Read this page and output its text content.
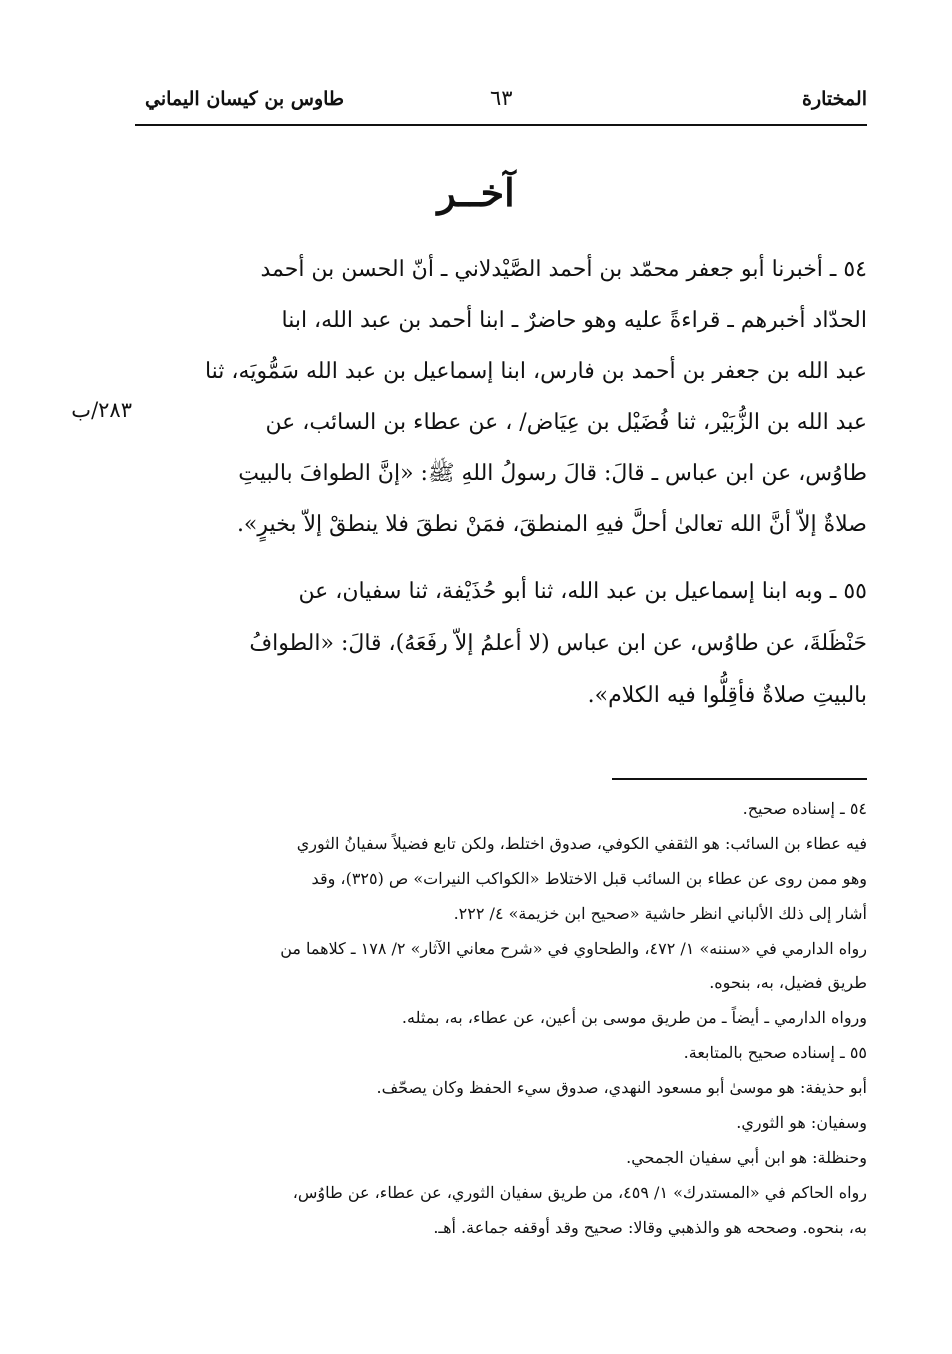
طاوس بن كيسان اليماني	٦٣	المختارة
آخــر
٢٨٣/ب
٥٤ ـ أخبرنا أبو جعفر محمّد بن أحمد الصَّيْدلاني ـ أنّ الحسن بن أحمد
الحدّاد أخبرهم ـ قراءةً عليه وهو حاضرٌ ـ ابنا أحمد بن عبد الله، ابنا
عبد الله بن جعفر بن أحمد بن فارس، ابنا إسماعيل بن عبد الله سَمُّويَه، ثنا
عبد الله بن الزُّبَيْر، ثنا فُضَيْل بن عِيَاض/ ، عن عطاء بن السائب، عن
طاوُس، عن ابن عباس ـ قالَ: قالَ رسولُ اللهِ ﷺ: «إنَّ الطوافَ بالبيتِ
صلاةٌ إلاّ أنَّ الله تعالىٰ أحلَّ فيهِ المنطقَ، فمَنْ نطقَ فلا ينطقْ إلاّ بخيرٍ».
٥٥ ـ وبه ابنا إسماعيل بن عبد الله، ثنا أبو حُذَيْفة، ثنا سفيان، عن
حَنْظَلةَ، عن طاوُس، عن ابن عباس (لا أعلمُ إلاّ رفَعَهُ)، قالَ: «الطوافُ
بالبيتِ صلاةٌ فأقِلُّوا فيه الكلام».
٥٤ ـ إسناده صحيح.
فيه عطاء بن السائب: هو الثقفي الكوفي، صدوق اختلط، ولكن تابع فضيلاً سفيانُ الثوري
وهو ممن روى عن عطاء بن السائب قبل الاختلاط «الكواكب النيرات» ص (٣٢٥)، وقد
أشار إلى ذلك الألباني انظر حاشية «صحيح ابن خزيمة» ٤/ ٢٢٢.
رواه الدارمي في «سننه» ١/ ٤٧٢، والطحاوي في «شرح معاني الآثار» ٢/ ١٧٨ ـ كلاهما من
طريق فضيل، به، بنحوه.
ورواه الدارمي ـ أيضاً ـ من طريق موسى بن أعين، عن عطاء، به، بمثله.
٥٥ ـ إسناده صحيح بالمتابعة.
أبو حذيفة: هو موسىٰ أبو مسعود النهدي، صدوق سيء الحفظ وكان يصحّف.
وسفيان: هو الثوري.
وحنظلة: هو ابن أبي سفيان الجمحي.
رواه الحاكم في «المستدرك» ١/ ٤٥٩، من طريق سفيان الثوري، عن عطاء، عن طاوُس،
به، بنحوه. وصححه هو والذهبي وقالا: صحيح وقد أوقفه جماعة. أهـ.
